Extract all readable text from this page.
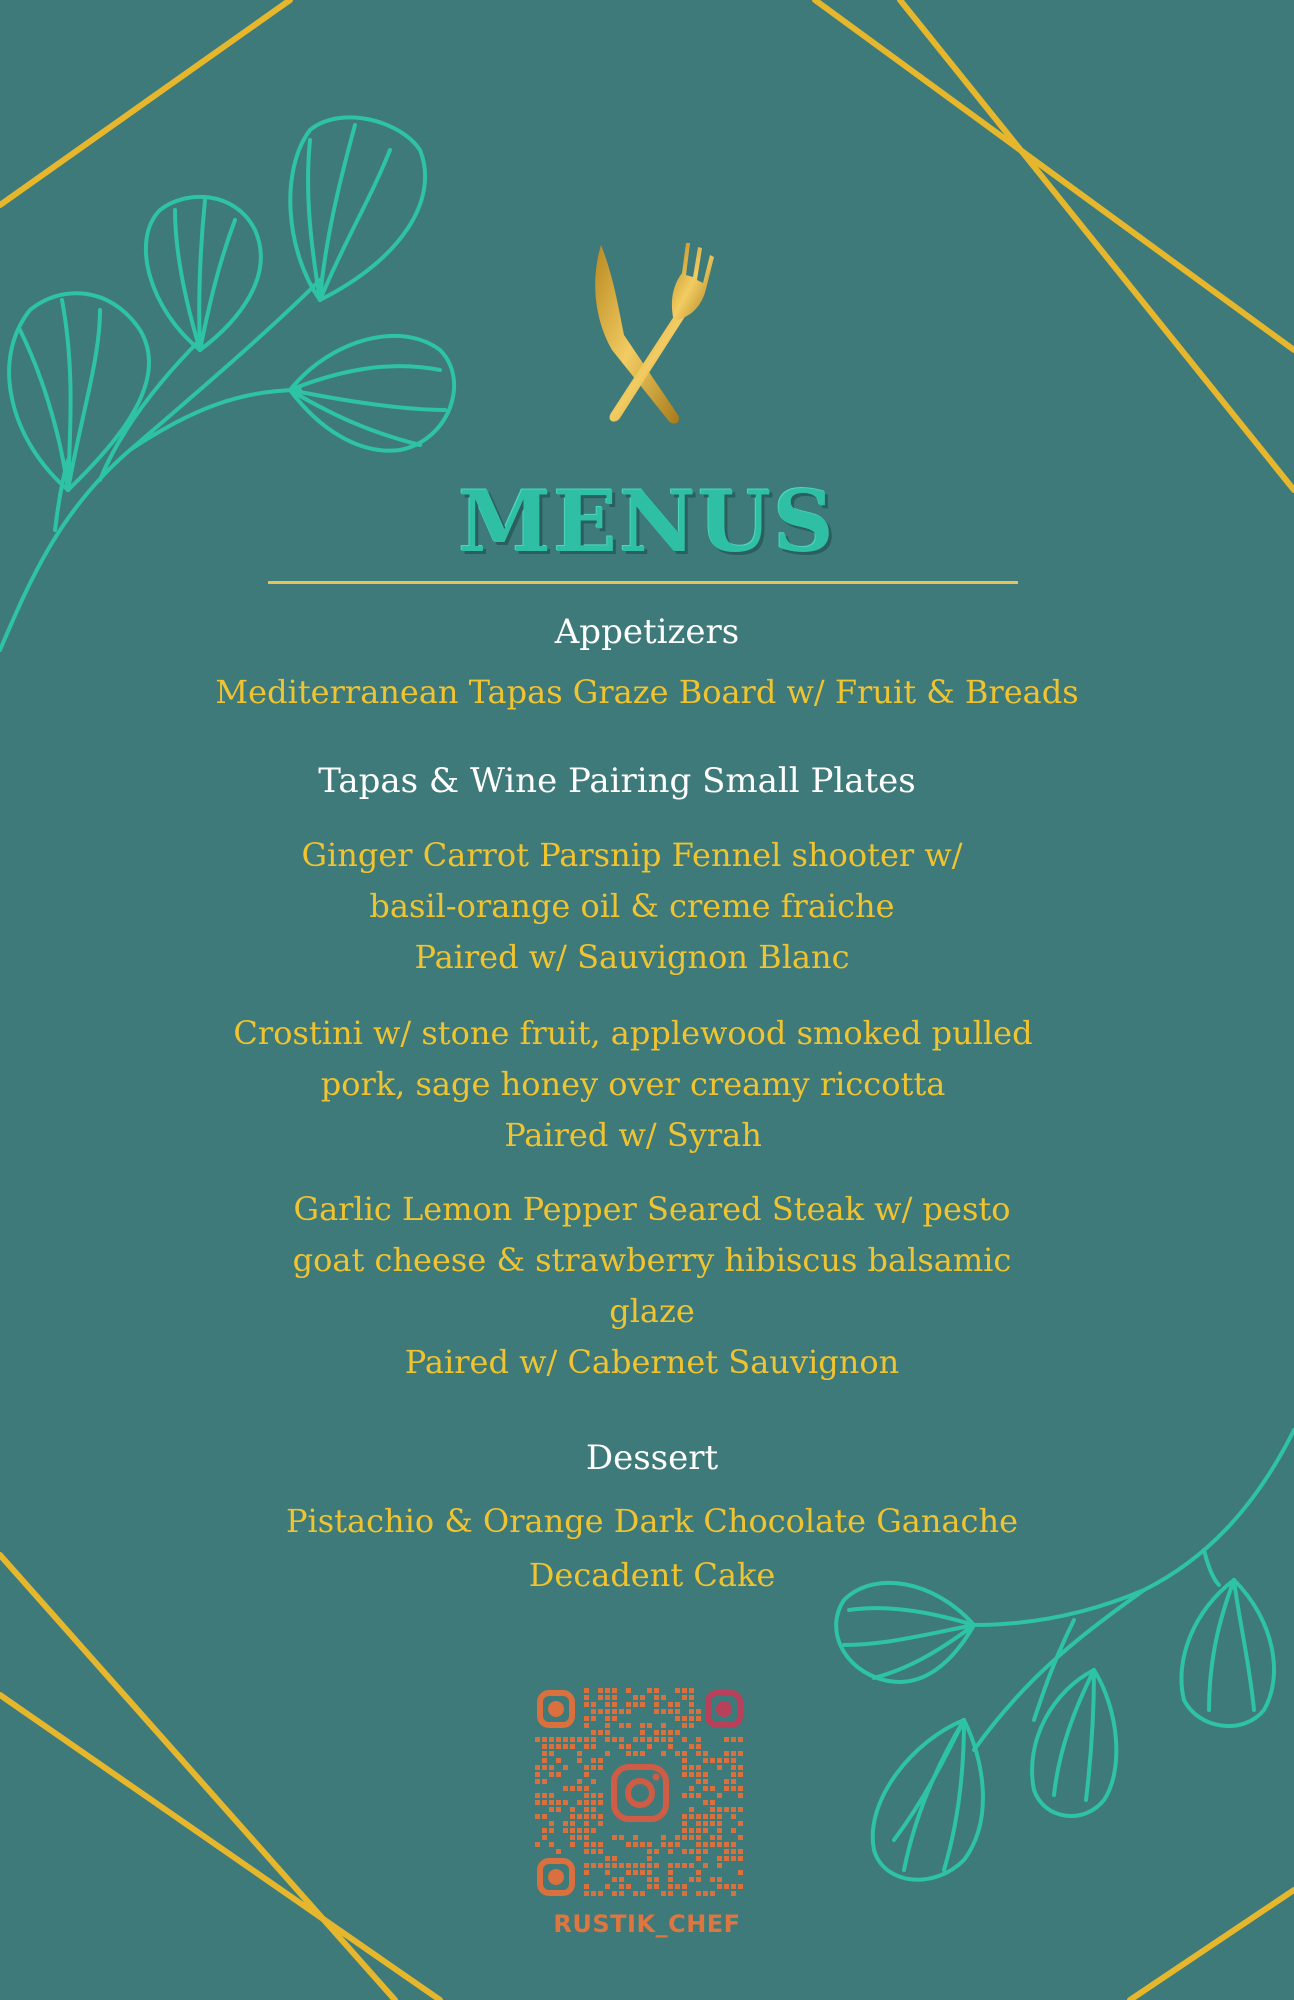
MENUS
Appetizers
Mediterranean Tapas Graze Board w/ Fruit & Breads
Tapas & Wine Pairing Small Plates
Ginger Carrot Parsnip Fennel shooter w/
basil-orange oil & creme fraiche
Paired w/ Sauvignon Blanc
Crostini w/ stone fruit, applewood smoked pulled
pork, sage honey over creamy riccotta
Paired w/ Syrah
Garlic Lemon Pepper Seared Steak w/ pesto
goat cheese & strawberry hibiscus balsamic
glaze
Paired w/ Cabernet Sauvignon
Dessert
Pistachio & Orange Dark Chocolate Ganache
Decadent Cake
RUSTIK_CHEF
